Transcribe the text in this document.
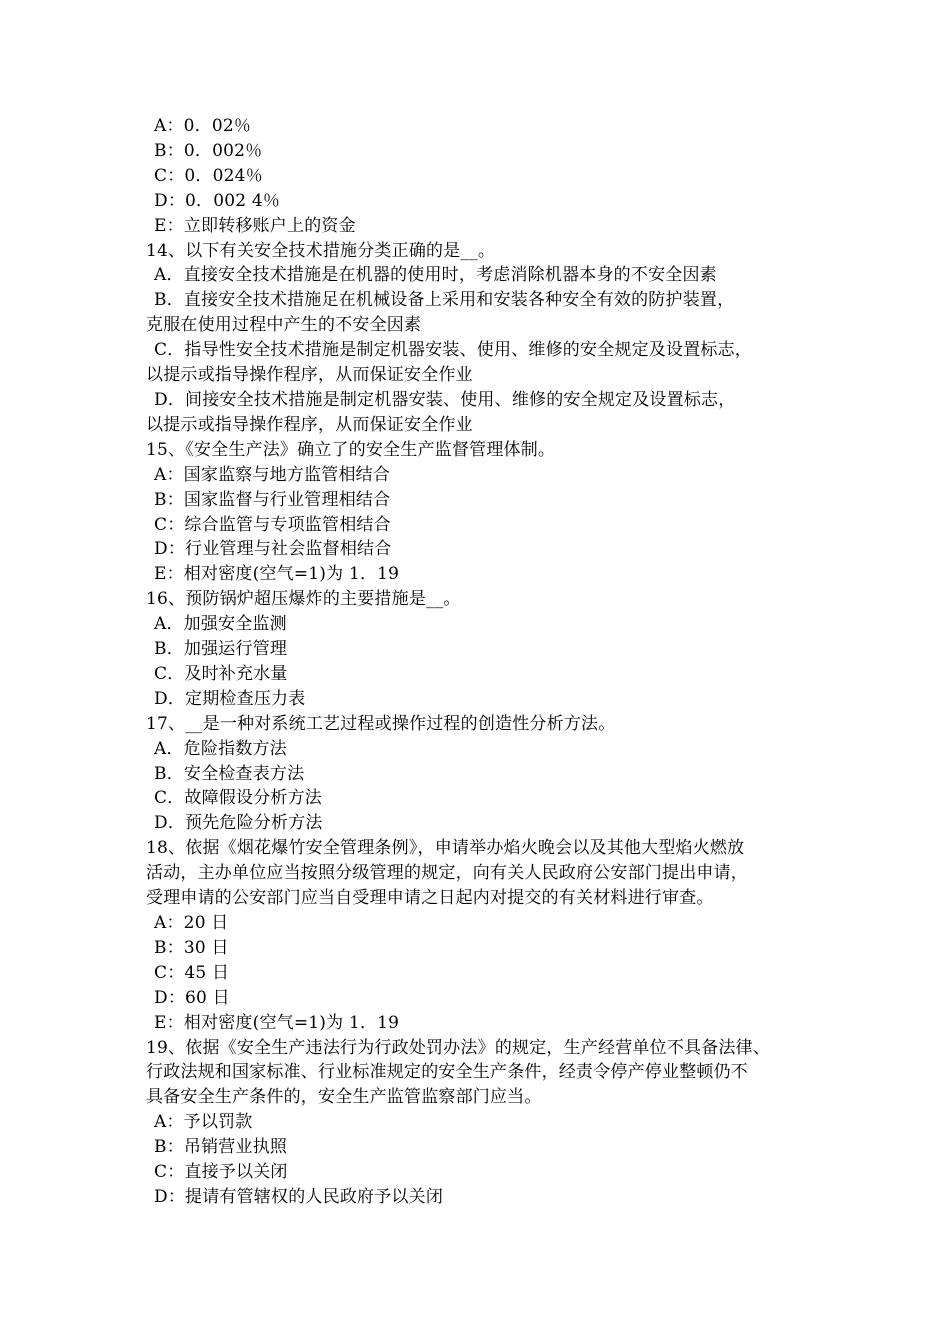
A：0．02％
B：0．002％
C：0．024％
D：0．002 4％
E：立即转移账户上的资金
14、以下有关安全技术措施分类正确的是__。
A．直接安全技术措施是在机器的使用时，考虑消除机器本身的不安全因素
B．直接安全技术措施足在机械设备上采用和安装各种安全有效的防护装置，
克服在使用过程中产生的不安全因素
C．指导性安全技术措施是制定机器安装、使用、维修的安全规定及设置标志，
以提示或指导操作程序，从而保证安全作业
D．间接安全技术措施是制定机器安装、使用、维修的安全规定及设置标志，
以提示或指导操作程序，从而保证安全作业
15、《安全生产法》确立了的安全生产监督管理体制。
A：国家监察与地方监管相结合
B：国家监督与行业管理相结合
C：综合监管与专项监管相结合
D：行业管理与社会监督相结合
E：相对密度(空气=1)为 1．19
16、预防锅炉超压爆炸的主要措施是__。
A．加强安全监测
B．加强运行管理
C．及时补充水量
D．定期检查压力表
17、__是一种对系统工艺过程或操作过程的创造性分析方法。
A．危险指数方法
B．安全检查表方法
C．故障假设分析方法
D．预先危险分析方法
18、依据《烟花爆竹安全管理条例》，申请举办焰火晚会以及其他大型焰火燃放
活动，主办单位应当按照分级管理的规定，向有关人民政府公安部门提出申请，
受理申请的公安部门应当自受理申请之日起内对提交的有关材料进行审查。
A：20 日
B：30 日
C：45 日
D：60 日
E：相对密度(空气=1)为 1．19
19、依据《安全生产违法行为行政处罚办法》的规定，生产经营单位不具备法律、
行政法规和国家标准、行业标准规定的安全生产条件，经责令停产停业整顿仍不
具备安全生产条件的，安全生产监管监察部门应当。
A：予以罚款
B：吊销营业执照
C：直接予以关闭
D：提请有管辖权的人民政府予以关闭
